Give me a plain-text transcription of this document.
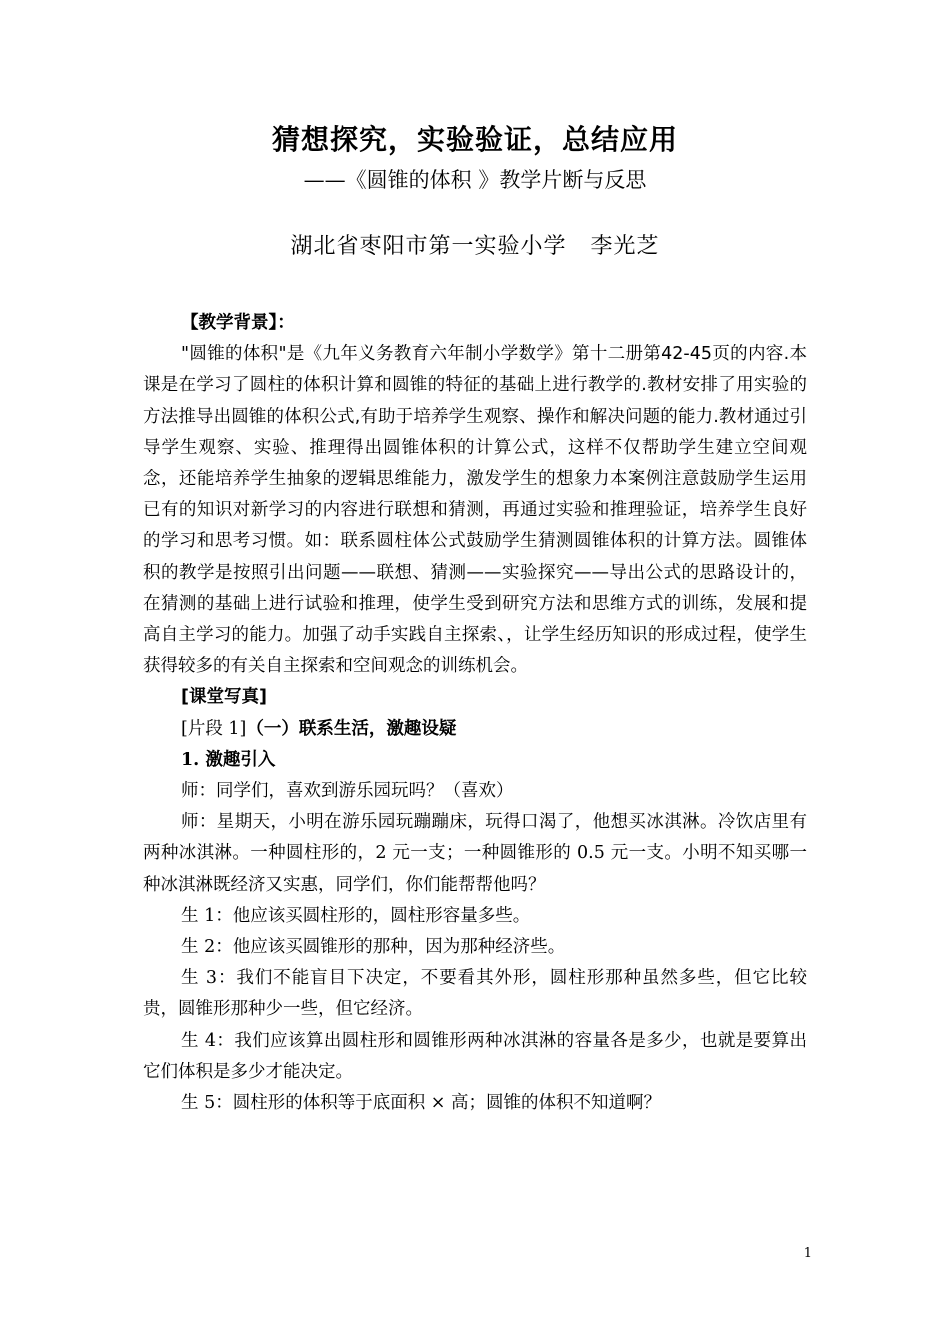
猜想探究，实验验证，总结应用
——《圆锥的体积 》教学片断与反思
湖北省枣阳市第一实验小学   李光芝

【教学背景】：

"圆锥的体积"是《九年义务教育六年制小学数学》第十二册第42-45页的内容.本课是在学习了圆柱的体积计算和圆锥的特征的基础上进行教学的.教材安排了用实验的方法推导出圆锥的体积公式,有助于培养学生观察、操作和解决问题的能力.教材通过引导学生观察、实验、推理得出圆锥体积的计算公式，这样不仅帮助学生建立空间观念，还能培养学生抽象的逻辑思维能力，激发学生的想象力本案例注意鼓励学生运用已有的知识对新学习的内容进行联想和猜测，再通过实验和推理验证，培养学生良好的学习和思考习惯。如：联系圆柱体公式鼓励学生猜测圆锥体积的计算方法。圆锥体积的教学是按照引出问题——联想、猜测——实验探究——导出公式的思路设计的，在猜测的基础上进行试验和推理，使学生受到研究方法和思维方式的训练，发展和提高自主学习的能力。加强了动手实践自主探索、，让学生经历知识的形成过程，使学生获得较多的有关自主探索和空间观念的训练机会。

[课堂写真]

[片段 1]（一）联系生活，激趣设疑

1. 激趣引入

师：同学们，喜欢到游乐园玩吗？（喜欢）

师：星期天，小明在游乐园玩蹦蹦床，玩得口渴了，他想买冰淇淋。冷饮店里有两种冰淇淋。一种圆柱形的，2 元一支；一种圆锥形的 0.5 元一支。小明不知买哪一种冰淇淋既经济又实惠，同学们，你们能帮帮他吗？

生 1：他应该买圆柱形的，圆柱形容量多些。

生 2：他应该买圆锥形的那种，因为那种经济些。

生 3：我们不能盲目下决定，不要看其外形，圆柱形那种虽然多些，但它比较贵，圆锥形那种少一些，但它经济。

生 4：我们应该算出圆柱形和圆锥形两种冰淇淋的容量各是多少，也就是要算出它们体积是多少才能决定。

生 5：圆柱形的体积等于底面积 × 高；圆锥的体积不知道啊？

1
